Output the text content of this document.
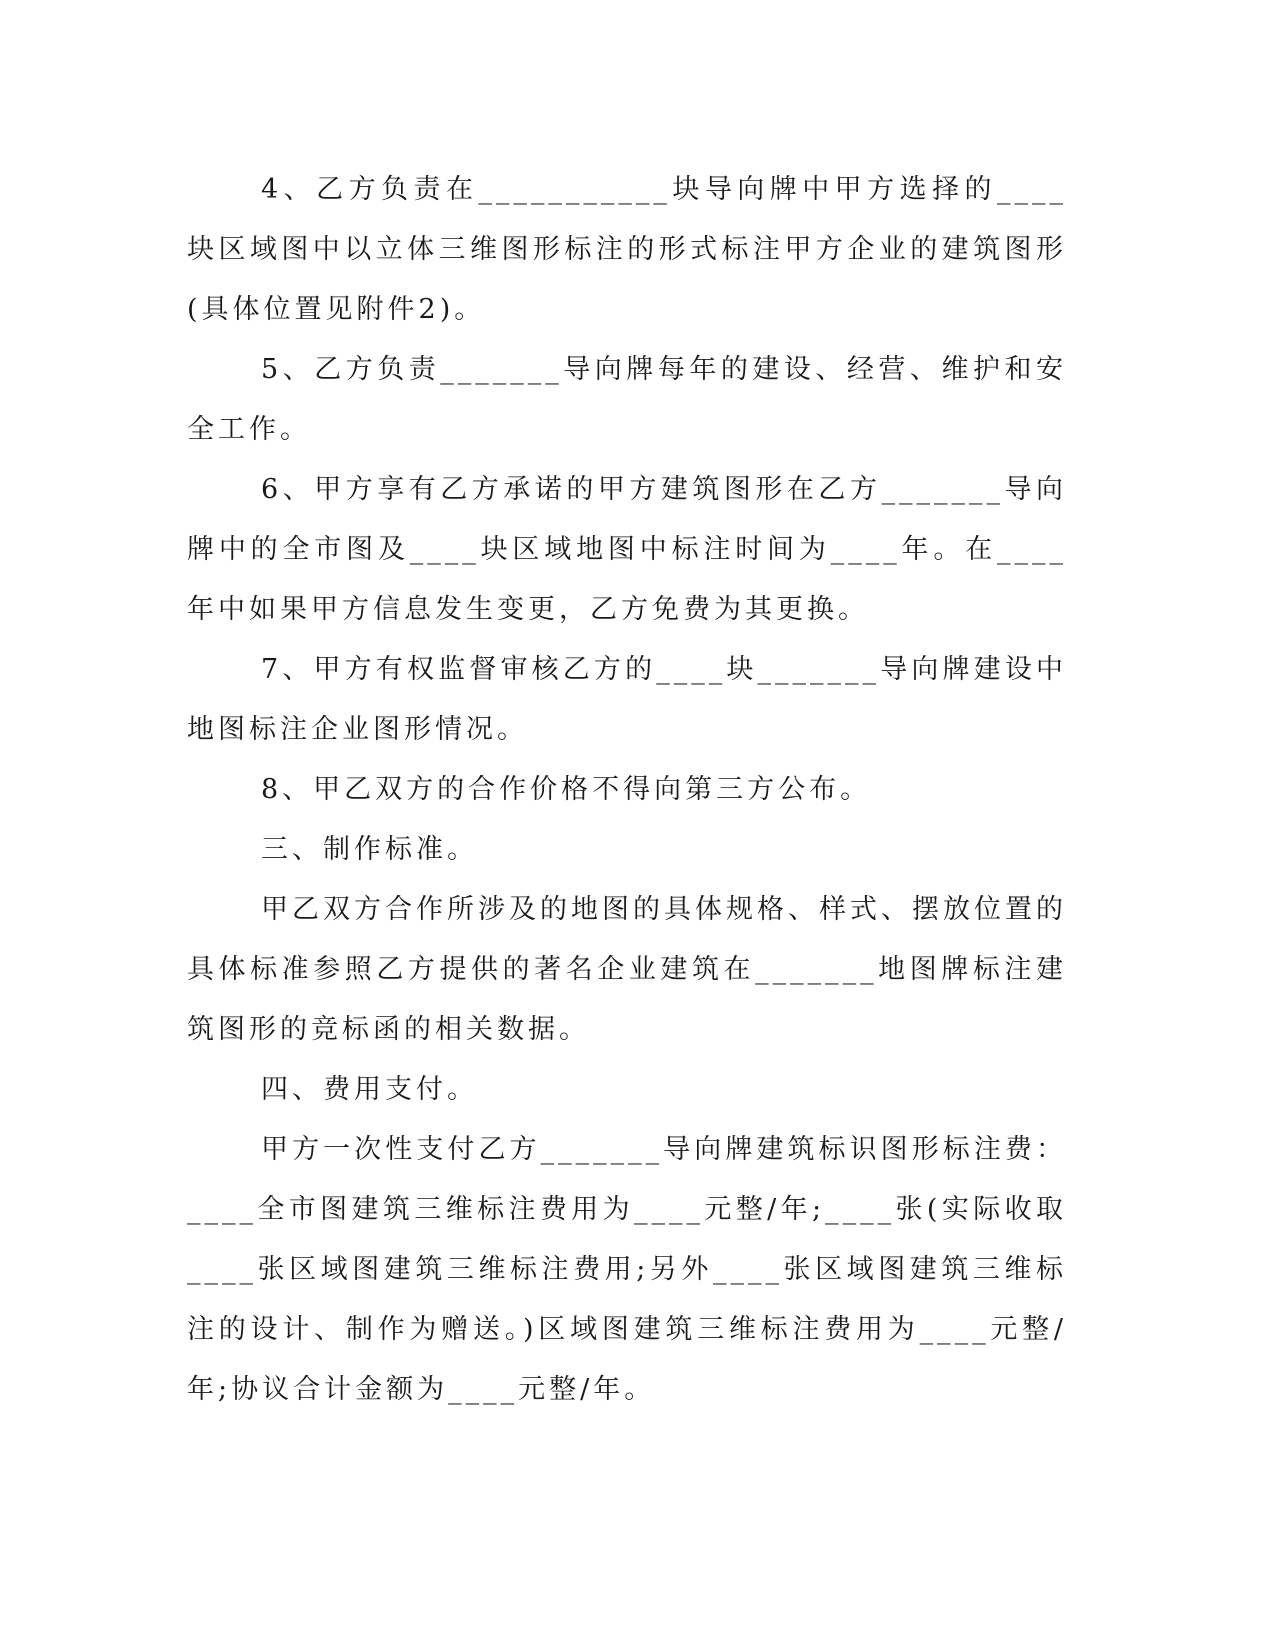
4、乙方负责在___________块导向牌中甲方选择的____块区域图中以立体三维图形标注的形式标注甲方企业的建筑图形(具体位置见附件2)。

5、乙方负责_______导向牌每年的建设、经营、维护和安全工作。

6、甲方享有乙方承诺的甲方建筑图形在乙方_______导向牌中的全市图及____块区域地图中标注时间为____年。在____年中如果甲方信息发生变更，乙方免费为其更换。

7、甲方有权监督审核乙方的____块_______导向牌建设中地图标注企业图形情况。

8、甲乙双方的合作价格不得向第三方公布。

三、制作标准。

甲乙双方合作所涉及的地图的具体规格、样式、摆放位置的具体标准参照乙方提供的著名企业建筑在_______地图牌标注建筑图形的竞标函的相关数据。

四、费用支付。

甲方一次性支付乙方_______导向牌建筑标识图形标注费：____全市图建筑三维标注费用为____元整/年;____张(实际收取____张区域图建筑三维标注费用;另外____张区域图建筑三维标注的设计、制作为赠送。)区域图建筑三维标注费用为____元整/年;协议合计金额为____元整/年。
